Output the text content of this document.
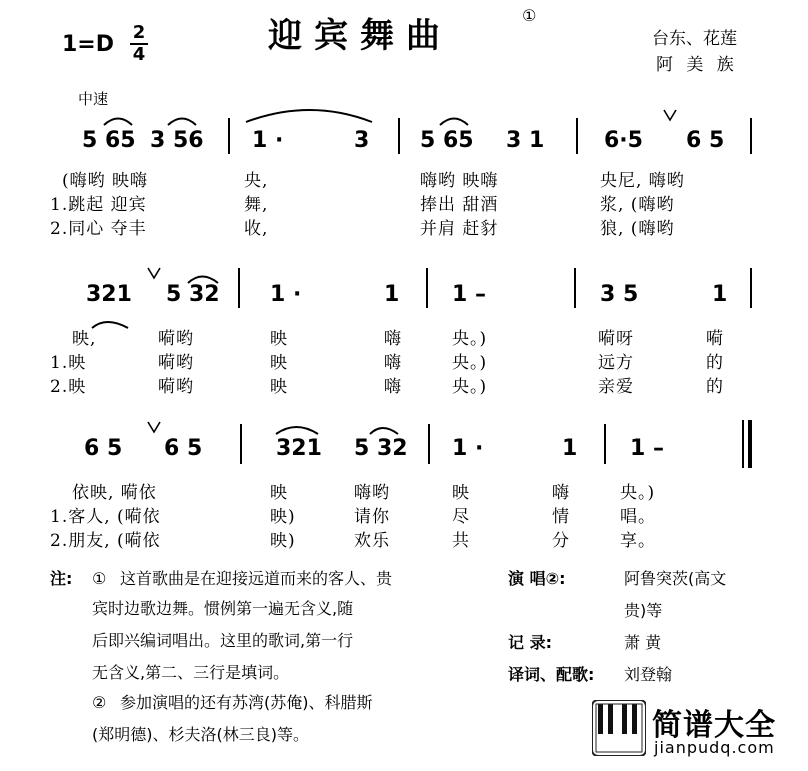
迎宾舞曲
①
1=D 2
4
台东、花莲
阿 美 族
中速
5 65 3 56 1 ·	3 5 65 3 1	6·5 6 5
(嗨哟 映嗨	央,	嗨哟 映嗨	央尼, 嗨哟
1.跳起 迎宾	舞,	捧出 甜酒	浆, (嗨哟
2.同心 夺丰	收,	并肩 赶豺	狼, (嗨哟
321 5 32 1 ·	1 1 –	3 5	1
映,	嗬哟	映	嗨	央。)	嗬呀	嗬
1.映	嗬哟	映	嗨	央。)	远方	的
2.映	嗬哟	映	嗨	央。)	亲爱	的
6 5 6 5	321 5 32 1 ·	1 1 –
依映, 嗬依	映	嗨哟	映	嗨	央。)
1.客人, (嗬依	映)	请你	尽	情	唱。
2.朋友, (嗬依	映)	欢乐	共	分	享。
注: ① 这首歌曲是在迎接远道而来的客人、贵
宾时边歌边舞。惯例第一遍无含义,随
后即兴编词唱出。这里的歌词,第一行
无含义,第二、三行是填词。
② 参加演唱的还有苏湾(苏俺)、科腊斯
(郑明德)、杉夫洛(林三良)等。
演 唱②:	阿鲁突茨(高文
贵)等
记 录:	萧 黄
译词、配歌: 刘登翰
简谱大全
jianpudq.com
